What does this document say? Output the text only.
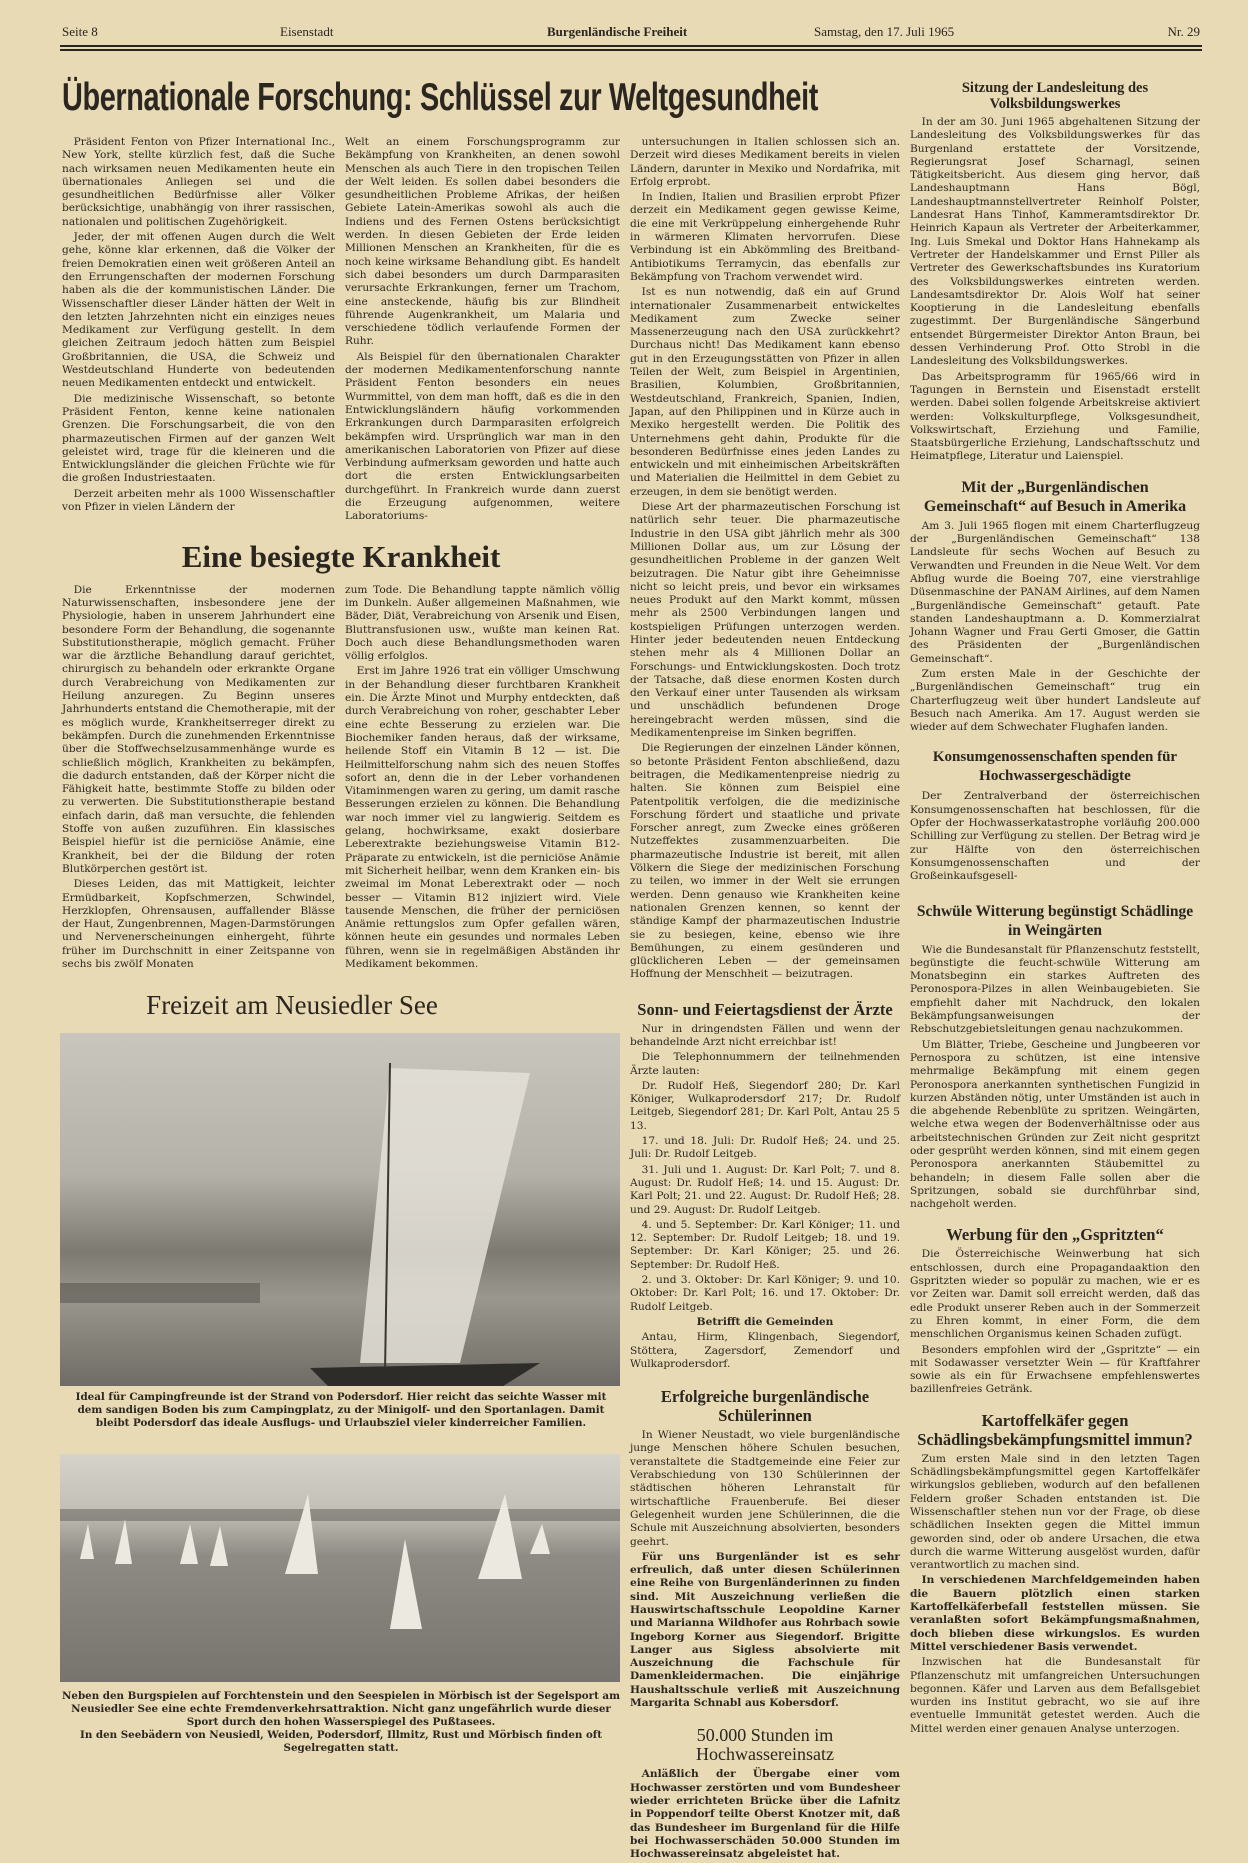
Seite 8	Eisenstadt	Burgenländische Freiheit	Samstag, den 17. Juli 1965	Nr. 29
Übernationale Forschung: Schlüssel zur Weltgesundheit

Präsident Fenton von Pfizer International Inc., New York, stellte kürzlich fest, daß die Suche nach wirksamen neuen Medikamenten heute ein übernationales Anliegen sei und die gesundheitlichen Bedürfnisse aller Völker berücksichtige, unabhängig von ihrer rassischen, nationalen und politischen Zugehörigkeit.

Jeder, der mit offenen Augen durch die Welt gehe, könne klar erkennen, daß die Völker der freien Demokratien einen weit größeren Anteil an den Errungenschaften der modernen Forschung haben als die der kommunistischen Länder. Die Wissenschaftler dieser Länder hätten der Welt in den letzten Jahrzehnten nicht ein einziges neues Medikament zur Verfügung gestellt. In dem gleichen Zeitraum jedoch hätten zum Beispiel Großbritannien, die USA, die Schweiz und Westdeutschland Hunderte von bedeutenden neuen Medikamenten entdeckt und entwickelt.

Die medizinische Wissenschaft, so betonte Präsident Fenton, kenne keine nationalen Grenzen. Die Forschungsarbeit, die von den pharmazeutischen Firmen auf der ganzen Welt geleistet wird, trage für die kleineren und die Entwicklungsländer die gleichen Früchte wie für die großen Industriestaaten.

Derzeit arbeiten mehr als 1000 Wissenschaftler von Pfizer in vielen Ländern der

Welt an einem Forschungsprogramm zur Bekämpfung von Krankheiten, an denen sowohl Menschen als auch Tiere in den tropischen Teilen der Welt leiden. Es sollen dabei besonders die gesundheitlichen Probleme Afrikas, der heißen Gebiete Latein-Amerikas sowohl als auch die Indiens und des Fernen Ostens berücksichtigt werden. In diesen Gebieten der Erde leiden Millionen Menschen an Krankheiten, für die es noch keine wirksame Behandlung gibt. Es handelt sich dabei besonders um durch Darmparasiten verursachte Erkrankungen, ferner um Trachom, eine ansteckende, häufig bis zur Blindheit führende Augenkrankheit, um Malaria und verschiedene tödlich verlaufende Formen der Ruhr.

Als Beispiel für den übernationalen Charakter der modernen Medikamentenforschung nannte Präsident Fenton besonders ein neues Wurmmittel, von dem man hofft, daß es die in den Entwicklungsländern häufig vorkommenden Erkrankungen durch Darmparasiten erfolgreich bekämpfen wird. Ursprünglich war man in den amerikanischen Laboratorien von Pfizer auf diese Verbindung aufmerksam geworden und hatte auch dort die ersten Entwicklungsarbeiten durchgeführt. In Frankreich wurde dann zuerst die Erzeugung aufgenommen, weitere Laboratoriums-

Eine besiegte Krankheit

Die Erkenntnisse der modernen Naturwissenschaften, insbesondere jene der Physiologie, haben in unserem Jahrhundert eine besondere Form der Behandlung, die sogenannte Substitutionstherapie, möglich gemacht. Früher war die ärztliche Behandlung darauf gerichtet, chirurgisch zu behandeln oder erkrankte Organe durch Verabreichung von Medikamenten zur Heilung anzuregen. Zu Beginn unseres Jahrhunderts entstand die Chemotherapie, mit der es möglich wurde, Krankheitserreger direkt zu bekämpfen. Durch die zunehmenden Erkenntnisse über die Stoffwechselzusammenhänge wurde es schließlich möglich, Krankheiten zu bekämpfen, die dadurch entstanden, daß der Körper nicht die Fähigkeit hatte, bestimmte Stoffe zu bilden oder zu verwerten. Die Substitutionstherapie bestand einfach darin, daß man versuchte, die fehlenden Stoffe von außen zuzuführen. Ein klassisches Beispiel hiefür ist die perniciöse Anämie, eine Krankheit, bei der die Bildung der roten Blutkörperchen gestört ist.

Dieses Leiden, das mit Mattigkeit, leichter Ermüdbarkeit, Kopfschmerzen, Schwindel, Herzklopfen, Ohrensausen, auffallender Blässe der Haut, Zungenbrennen, Magen-Darmstörungen und Nervenerscheinungen einhergeht, führte früher im Durchschnitt in einer Zeitspanne von sechs bis zwölf Monaten

zum Tode. Die Behandlung tappte nämlich völlig im Dunkeln. Außer allgemeinen Maßnahmen, wie Bäder, Diät, Verabreichung von Arsenik und Eisen, Bluttransfusionen usw., wußte man keinen Rat. Doch auch diese Behandlungsmethoden waren völlig erfolglos.

Erst im Jahre 1926 trat ein völliger Umschwung in der Behandlung dieser furchtbaren Krankheit ein. Die Ärzte Minot und Murphy entdeckten, daß durch Verabreichung von roher, geschabter Leber eine echte Besserung zu erzielen war. Die Biochemiker fanden heraus, daß der wirksame, heilende Stoff ein Vitamin B 12 — ist. Die Heilmittelforschung nahm sich des neuen Stoffes sofort an, denn die in der Leber vorhandenen Vitaminmengen waren zu gering, um damit rasche Besserungen erzielen zu können. Die Behandlung war noch immer viel zu langwierig. Seitdem es gelang, hochwirksame, exakt dosierbare Leberextrakte beziehungsweise Vitamin B12-Präparate zu entwickeln, ist die perniciöse Anämie mit Sicherheit heilbar, wenn dem Kranken ein- bis zweimal im Monat Leberextrakt oder — noch besser — Vitamin B12 injiziert wird. Viele tausende Menschen, die früher der perniciösen Anämie rettungslos zum Opfer gefallen wären, können heute ein gesundes und normales Leben führen, wenn sie in regelmäßigen Abständen ihr Medikament bekommen.

Freizeit am Neusiedler See

Ideal für Campingfreunde ist der Strand von Podersdorf. Hier reicht das seichte Wasser mit dem sandigen Boden bis zum Campingplatz, zu der Minigolf- und den Sportanlagen. Damit bleibt Podersdorf das ideale Ausflugs- und Urlaubsziel vieler kinderreicher Familien.

Neben den Burgspielen auf Forchtenstein und den Seespielen in Mörbisch ist der Segelsport am Neusiedler See eine echte Fremdenverkehrsattraktion. Nicht ganz ungefährlich wurde dieser Sport durch den hohen Wasserspiegel des Pußtasees.

In den Seebädern von Neusiedl, Weiden, Podersdorf, Illmitz, Rust und Mörbisch finden oft Segelregatten statt.

untersuchungen in Italien schlossen sich an. Derzeit wird dieses Medikament bereits in vielen Ländern, darunter in Mexiko und Nordafrika, mit Erfolg erprobt.

In Indien, Italien und Brasilien erprobt Pfizer derzeit ein Medikament gegen gewisse Keime, die eine mit Verkrüppelung einhergehende Ruhr in wärmeren Klimaten hervorrufen. Diese Verbindung ist ein Abkömmling des Breitband-Antibiotikums Terramycin, das ebenfalls zur Bekämpfung von Trachom verwendet wird.

Ist es nun notwendig, daß ein auf Grund internationaler Zusammenarbeit entwickeltes Medikament zum Zwecke seiner Massenerzeugung nach den USA zurückkehrt? Durchaus nicht! Das Medikament kann ebenso gut in den Erzeugungsstätten von Pfizer in allen Teilen der Welt, zum Beispiel in Argentinien, Brasilien, Kolumbien, Großbritannien, Westdeutschland, Frankreich, Spanien, Indien, Japan, auf den Philippinen und in Kürze auch in Mexiko hergestellt werden. Die Politik des Unternehmens geht dahin, Produkte für die besonderen Bedürfnisse eines jeden Landes zu entwickeln und mit einheimischen Arbeitskräften und Materialien die Heilmittel in dem Gebiet zu erzeugen, in dem sie benötigt werden.

Diese Art der pharmazeutischen Forschung ist natürlich sehr teuer. Die pharmazeutische Industrie in den USA gibt jährlich mehr als 300 Millionen Dollar aus, um zur Lösung der gesundheitlichen Probleme in der ganzen Welt beizutragen. Die Natur gibt ihre Geheimnisse nicht so leicht preis, und bevor ein wirksames neues Produkt auf den Markt kommt, müssen mehr als 2500 Verbindungen langen und kostspieligen Prüfungen unterzogen werden. Hinter jeder bedeutenden neuen Entdeckung stehen mehr als 4 Millionen Dollar an Forschungs- und Entwicklungskosten. Doch trotz der Tatsache, daß diese enormen Kosten durch den Verkauf einer unter Tausenden als wirksam und unschädlich befundenen Droge hereingebracht werden müssen, sind die Medikamentenpreise im Sinken begriffen.

Die Regierungen der einzelnen Länder können, so betonte Präsident Fenton abschließend, dazu beitragen, die Medikamentenpreise niedrig zu halten. Sie können zum Beispiel eine Patentpolitik verfolgen, die die medizinische Forschung fördert und staatliche und private Forscher anregt, zum Zwecke eines größeren Nutzeffektes zusammenzuarbeiten. Die pharmazeutische Industrie ist bereit, mit allen Völkern die Siege der medizinischen Forschung zu teilen, wo immer in der Welt sie errungen werden. Denn genauso wie Krankheiten keine nationalen Grenzen kennen, so kennt der ständige Kampf der pharmazeutischen Industrie sie zu besiegen, keine, ebenso wie ihre Bemühungen, zu einem gesünderen und glücklicheren Leben — der gemeinsamen Hoffnung der Menschheit — beizutragen.

Sonn- und Feiertagsdienst der Ärzte

Nur in dringendsten Fällen und wenn der behandelnde Arzt nicht erreichbar ist!

Die Telephonnummern der teilnehmenden Ärzte lauten:

Dr. Rudolf Heß, Siegendorf 280; Dr. Karl Königer, Wulkaprodersdorf 217; Dr. Rudolf Leitgeb, Siegendorf 281; Dr. Karl Polt, Antau 25 5 13.

17. und 18. Juli: Dr. Rudolf Heß; 24. und 25. Juli: Dr. Rudolf Leitgeb.

31. Juli und 1. August: Dr. Karl Polt; 7. und 8. August: Dr. Rudolf Heß; 14. und 15. August: Dr. Karl Polt; 21. und 22. August: Dr. Rudolf Heß; 28. und 29. August: Dr. Rudolf Leitgeb.

4. und 5. September: Dr. Karl Königer; 11. und 12. September: Dr. Rudolf Leitgeb; 18. und 19. September: Dr. Karl Königer; 25. und 26. September: Dr. Rudolf Heß.

2. und 3. Oktober: Dr. Karl Königer; 9. und 10. Oktober: Dr. Karl Polt; 16. und 17. Oktober: Dr. Rudolf Leitgeb.

Betrifft die Gemeinden

Antau, Hirm, Klingenbach, Siegendorf, Stöttera, Zagersdorf, Zemendorf und Wulkaprodersdorf.

Erfolgreiche burgenländische Schülerinnen

In Wiener Neustadt, wo viele burgenländische junge Menschen höhere Schulen besuchen, veranstaltete die Stadtgemeinde eine Feier zur Verabschiedung von 130 Schülerinnen der städtischen höheren Lehranstalt für wirtschaftliche Frauenberufe. Bei dieser Gelegenheit wurden jene Schülerinnen, die die Schule mit Auszeichnung absolvierten, besonders geehrt.

Für uns Burgenländer ist es sehr erfreulich, daß unter diesen Schülerinnen eine Reihe von Burgenländerinnen zu finden sind. Mit Auszeichnung verließen die Hauswirtschaftsschule Leopoldine Karner und Marianna Wildhofer aus Rohrbach sowie Ingeborg Korner aus Siegendorf. Brigitte Langer aus Sigless absolvierte mit Auszeichnung die Fachschule für Damenkleidermachen. Die einjährige Haushaltsschule verließ mit Auszeichnung Margarita Schnabl aus Kobersdorf.

50.000 Stunden im Hochwassereinsatz

Anläßlich der Übergabe einer vom Hochwasser zerstörten und vom Bundesheer wieder errichteten Brücke über die Lafnitz in Poppendorf teilte Oberst Knotzer mit, daß das Bundesheer im Burgenland für die Hilfe bei Hochwasserschäden 50.000 Stunden im Hochwassereinsatz abgeleistet hat.

Sitzung der Landesleitung des Volksbildungswerkes

In der am 30. Juni 1965 abgehaltenen Sitzung der Landesleitung des Volksbildungswerkes für das Burgenland erstattete der Vorsitzende, Regierungsrat Josef Scharnagl, seinen Tätigkeitsbericht. Aus diesem ging hervor, daß Landeshauptmann Hans Bögl, Landeshauptmannstellvertreter Reinholf Polster, Landesrat Hans Tinhof, Kammeramtsdirektor Dr. Heinrich Kapaun als Vertreter der Arbeiterkammer, Ing. Luis Smekal und Doktor Hans Hahnekamp als Vertreter der Handelskammer und Ernst Piller als Vertreter des Gewerkschaftsbundes ins Kuratorium des Volksbildungswerkes eintreten werden. Landesamtsdirektor Dr. Alois Wolf hat seiner Kooptierung in die Landesleitung ebenfalls zugestimmt. Der Burgenländische Sängerbund entsendet Bürgermeister Direktor Anton Braun, bei dessen Verhinderung Prof. Otto Strobl in die Landesleitung des Volksbildungswerkes.

Das Arbeitsprogramm für 1965/66 wird in Tagungen in Bernstein und Eisenstadt erstellt werden. Dabei sollen folgende Arbeitskreise aktiviert werden: Volkskulturpflege, Volksgesundheit, Volkswirtschaft, Erziehung und Familie, Staatsbürgerliche Erziehung, Landschaftsschutz und Heimatpflege, Literatur und Laienspiel.

Mit der „Burgenländischen Gemeinschaft“ auf Besuch in Amerika

Am 3. Juli 1965 flogen mit einem Charterflugzeug der „Burgenländischen Gemeinschaft“ 138 Landsleute für sechs Wochen auf Besuch zu Verwandten und Freunden in die Neue Welt. Vor dem Abflug wurde die Boeing 707, eine vierstrahlige Düsenmaschine der PANAM Airlines, auf dem Namen „Burgenländische Gemeinschaft“ getauft. Pate standen Landeshauptmann a. D. Kommerzialrat Johann Wagner und Frau Gerti Gmoser, die Gattin des Präsidenten der „Burgenländischen Gemeinschaft“.

Zum ersten Male in der Geschichte der „Burgenländischen Gemeinschaft“ trug ein Charterflugzeug weit über hundert Landsleute auf Besuch nach Amerika. Am 17. August werden sie wieder auf dem Schwechater Flughafen landen.

Konsumgenossenschaften spenden für Hochwassergeschädigte

Der Zentralverband der österreichischen Konsumgenossenschaften hat beschlossen, für die Opfer der Hochwasserkatastrophe vorläufig 200.000 Schilling zur Verfügung zu stellen. Der Betrag wird je zur Hälfte von den österreichischen Konsumgenossenschaften und der Großeinkaufsgesell-

Schwüle Witterung begünstigt Schädlinge in Weingärten

Wie die Bundesanstalt für Pflanzenschutz feststellt, begünstigte die feucht-schwüle Witterung am Monatsbeginn ein starkes Auftreten des Peronospora-Pilzes in allen Weinbaugebieten. Sie empfiehlt daher mit Nachdruck, den lokalen Bekämpfungsanweisungen der Rebschutzgebietsleitungen genau nachzukommen.

Um Blätter, Triebe, Gescheine und Jungbeeren vor Pernospora zu schützen, ist eine intensive mehrmalige Bekämpfung mit einem gegen Peronospora anerkannten synthetischen Fungizid in kurzen Abständen nötig, unter Umständen ist auch in die abgehende Rebenblüte zu spritzen. Weingärten, welche etwa wegen der Bodenverhältnisse oder aus arbeitstechnischen Gründen zur Zeit nicht gespritzt oder gesprüht werden können, sind mit einem gegen Peronospora anerkannten Stäubemittel zu behandeln; in diesem Falle sollen aber die Spritzungen, sobald sie durchführbar sind, nachgeholt werden.

Werbung für den „Gspritzten“

Die Österreichische Weinwerbung hat sich entschlossen, durch eine Propagandaaktion den Gspritzten wieder so populär zu machen, wie er es vor Zeiten war. Damit soll erreicht werden, daß das edle Produkt unserer Reben auch in der Sommerzeit zu Ehren kommt, in einer Form, die dem menschlichen Organismus keinen Schaden zufügt.

Besonders empfohlen wird der „Gspritzte“ — ein mit Sodawasser versetzter Wein — für Kraftfahrer sowie als ein für Erwachsene empfehlenswertes bazillenfreies Getränk.

Kartoffelkäfer gegen Schädlingsbekämpfungsmittel immun?

Zum ersten Male sind in den letzten Tagen Schädlingsbekämpfungsmittel gegen Kartoffelkäfer wirkungslos geblieben, wodurch auf den befallenen Feldern großer Schaden entstanden ist. Die Wissenschaftler stehen nun vor der Frage, ob diese schädlichen Insekten gegen die Mittel immun geworden sind, oder ob andere Ursachen, die etwa durch die warme Witterung ausgelöst wurden, dafür verantwortlich zu machen sind.

In verschiedenen Marchfeldgemeinden haben die Bauern plötzlich einen starken Kartoffelkäferbefall feststellen müssen. Sie veranlaßten sofort Bekämpfungsmaßnahmen, doch blieben diese wirkungslos. Es wurden Mittel verschiedener Basis verwendet.

Inzwischen hat die Bundesanstalt für Pflanzenschutz mit umfangreichen Untersuchungen begonnen. Käfer und Larven aus dem Befallsgebiet wurden ins Institut gebracht, wo sie auf ihre eventuelle Immunität getestet werden. Auch die Mittel werden einer genauen Analyse unterzogen.
